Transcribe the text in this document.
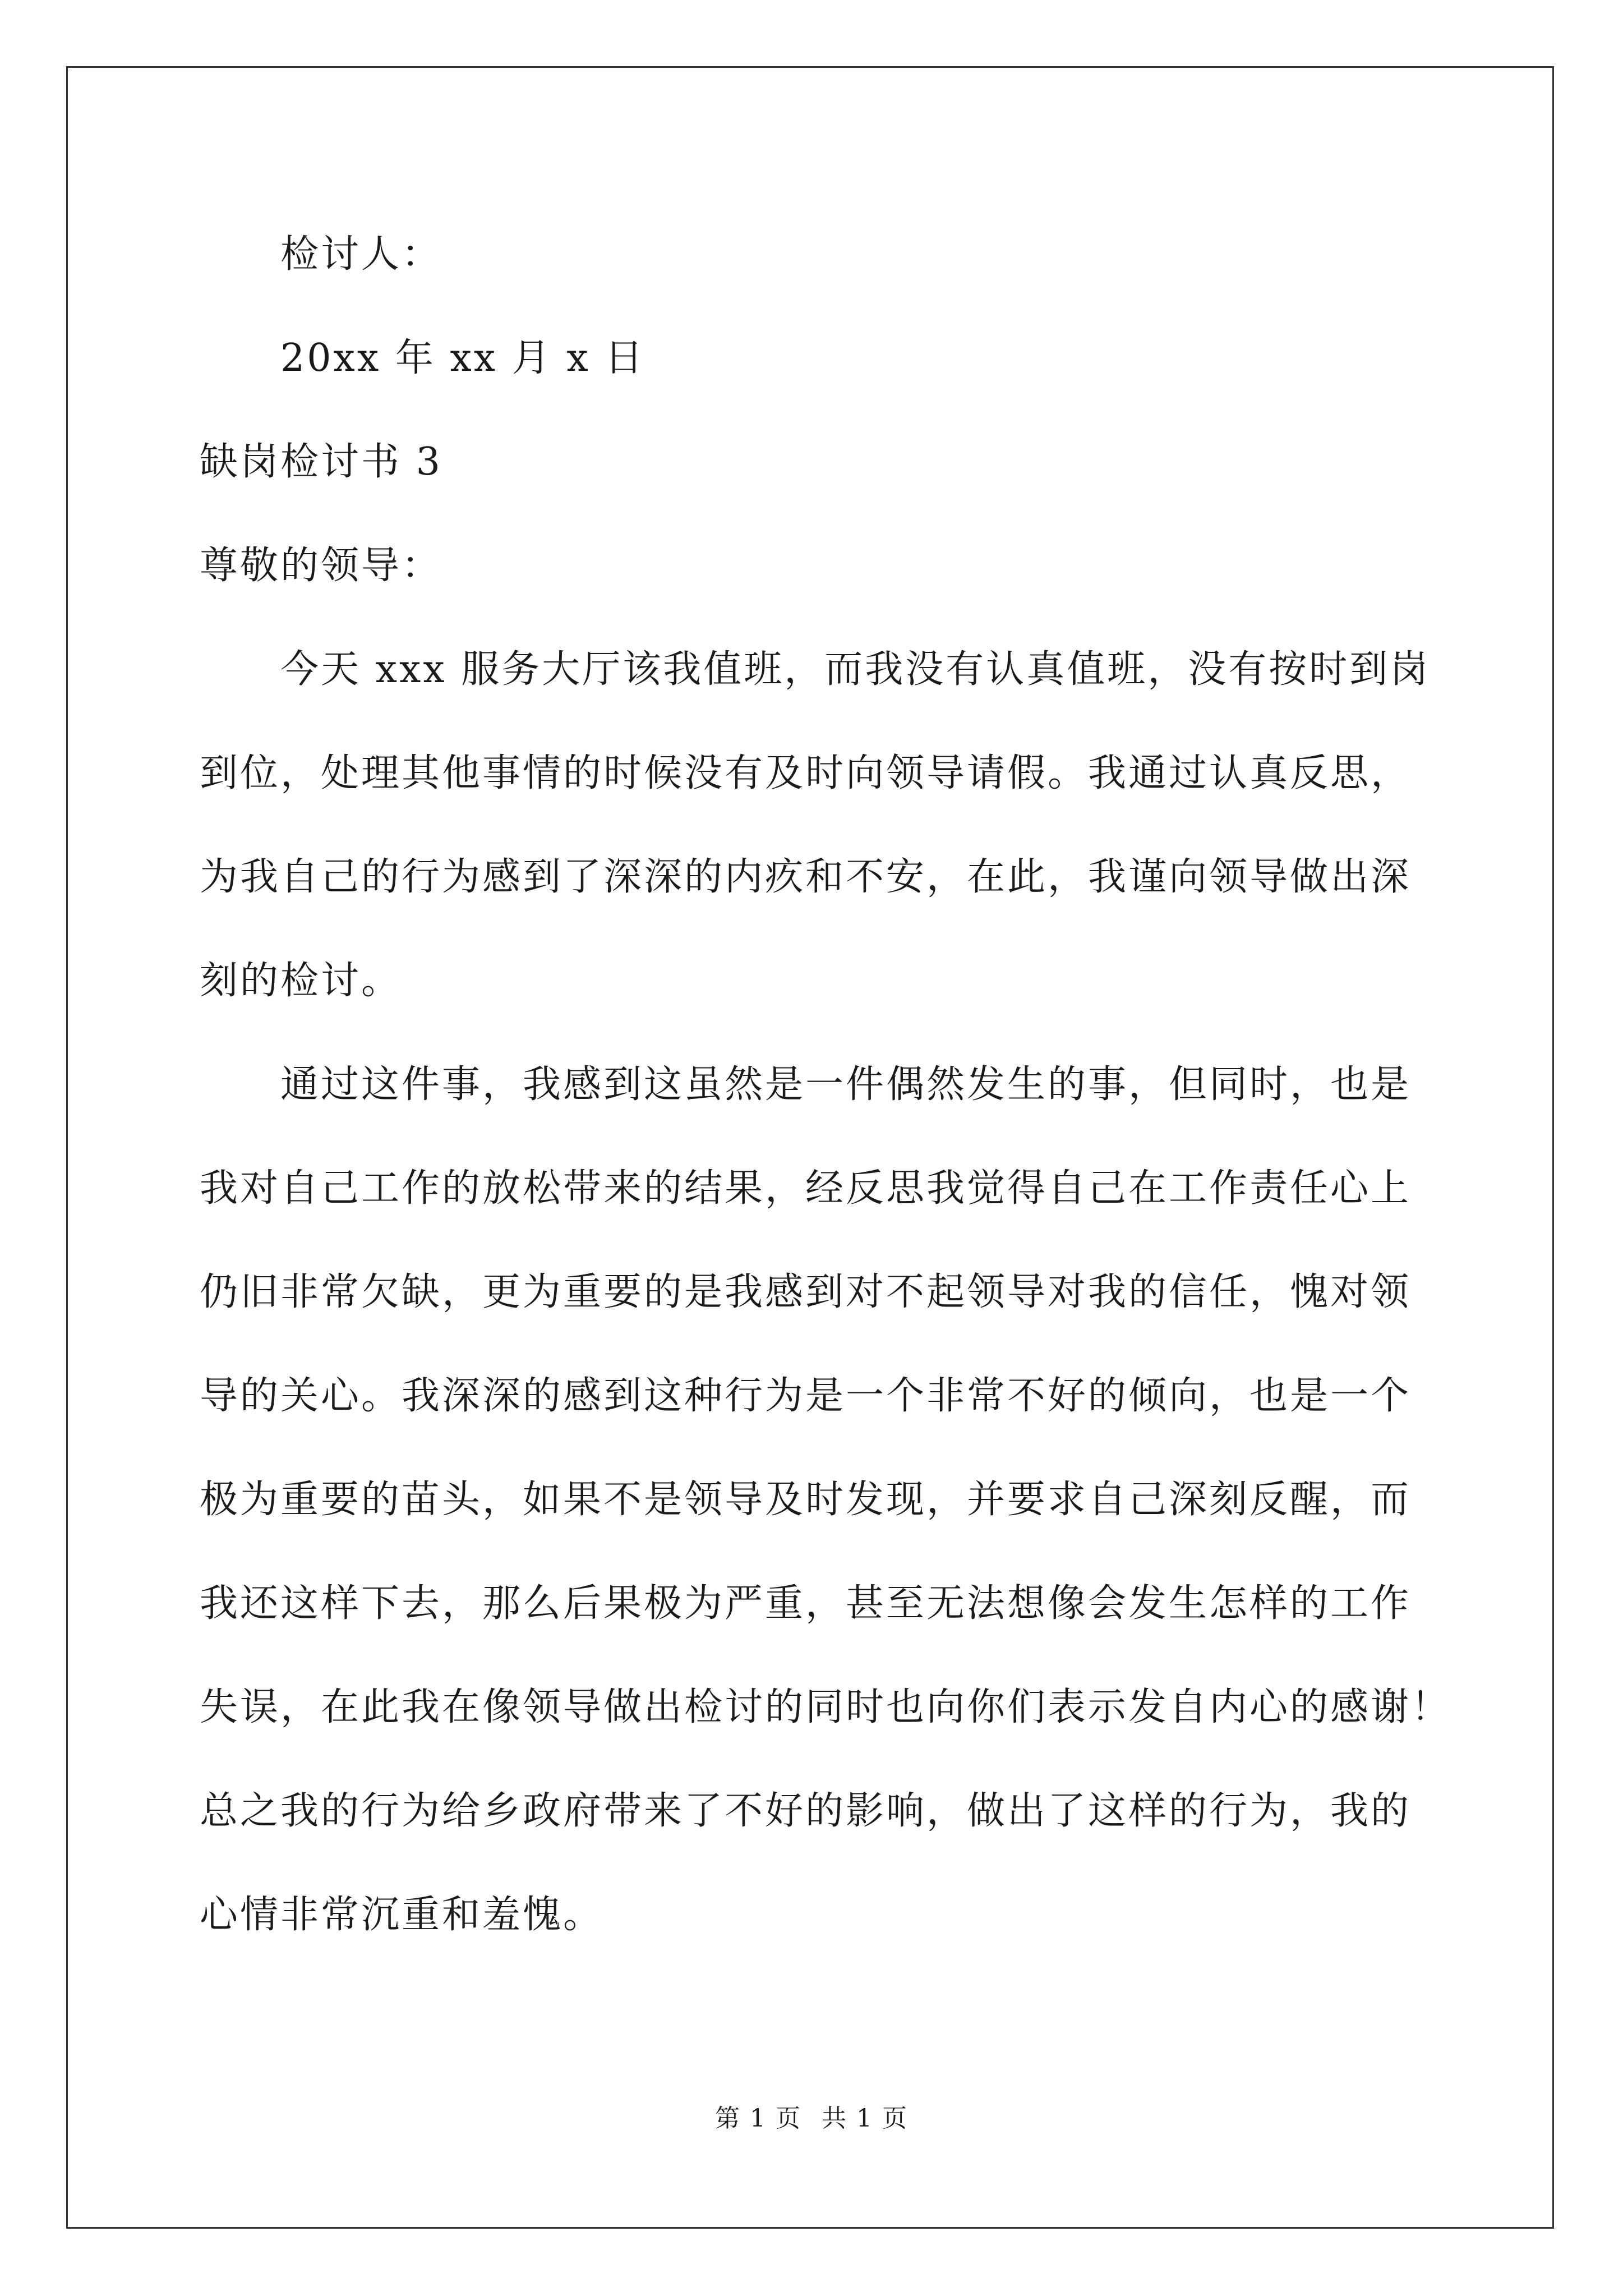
检讨人：
20xx 年 xx 月 x 日
缺岗检讨书 3
尊敬的领导：
今天 xxx 服务大厅该我值班，而我没有认真值班，没有按时到岗
到位，处理其他事情的时候没有及时向领导请假。我通过认真反思，
为我自己的行为感到了深深的内疚和不安，在此，我谨向领导做出深
刻的检讨。
通过这件事，我感到这虽然是一件偶然发生的事，但同时，也是
我对自己工作的放松带来的结果，经反思我觉得自己在工作责任心上
仍旧非常欠缺，更为重要的是我感到对不起领导对我的信任，愧对领
导的关心。我深深的感到这种行为是一个非常不好的倾向，也是一个
极为重要的苗头，如果不是领导及时发现，并要求自己深刻反醒，而
我还这样下去，那么后果极为严重，甚至无法想像会发生怎样的工作
失误，在此我在像领导做出检讨的同时也向你们表示发自内心的感谢！
总之我的行为给乡政府带来了不好的影响，做出了这样的行为，我的
心情非常沉重和羞愧。
第 1 页 共 1 页
